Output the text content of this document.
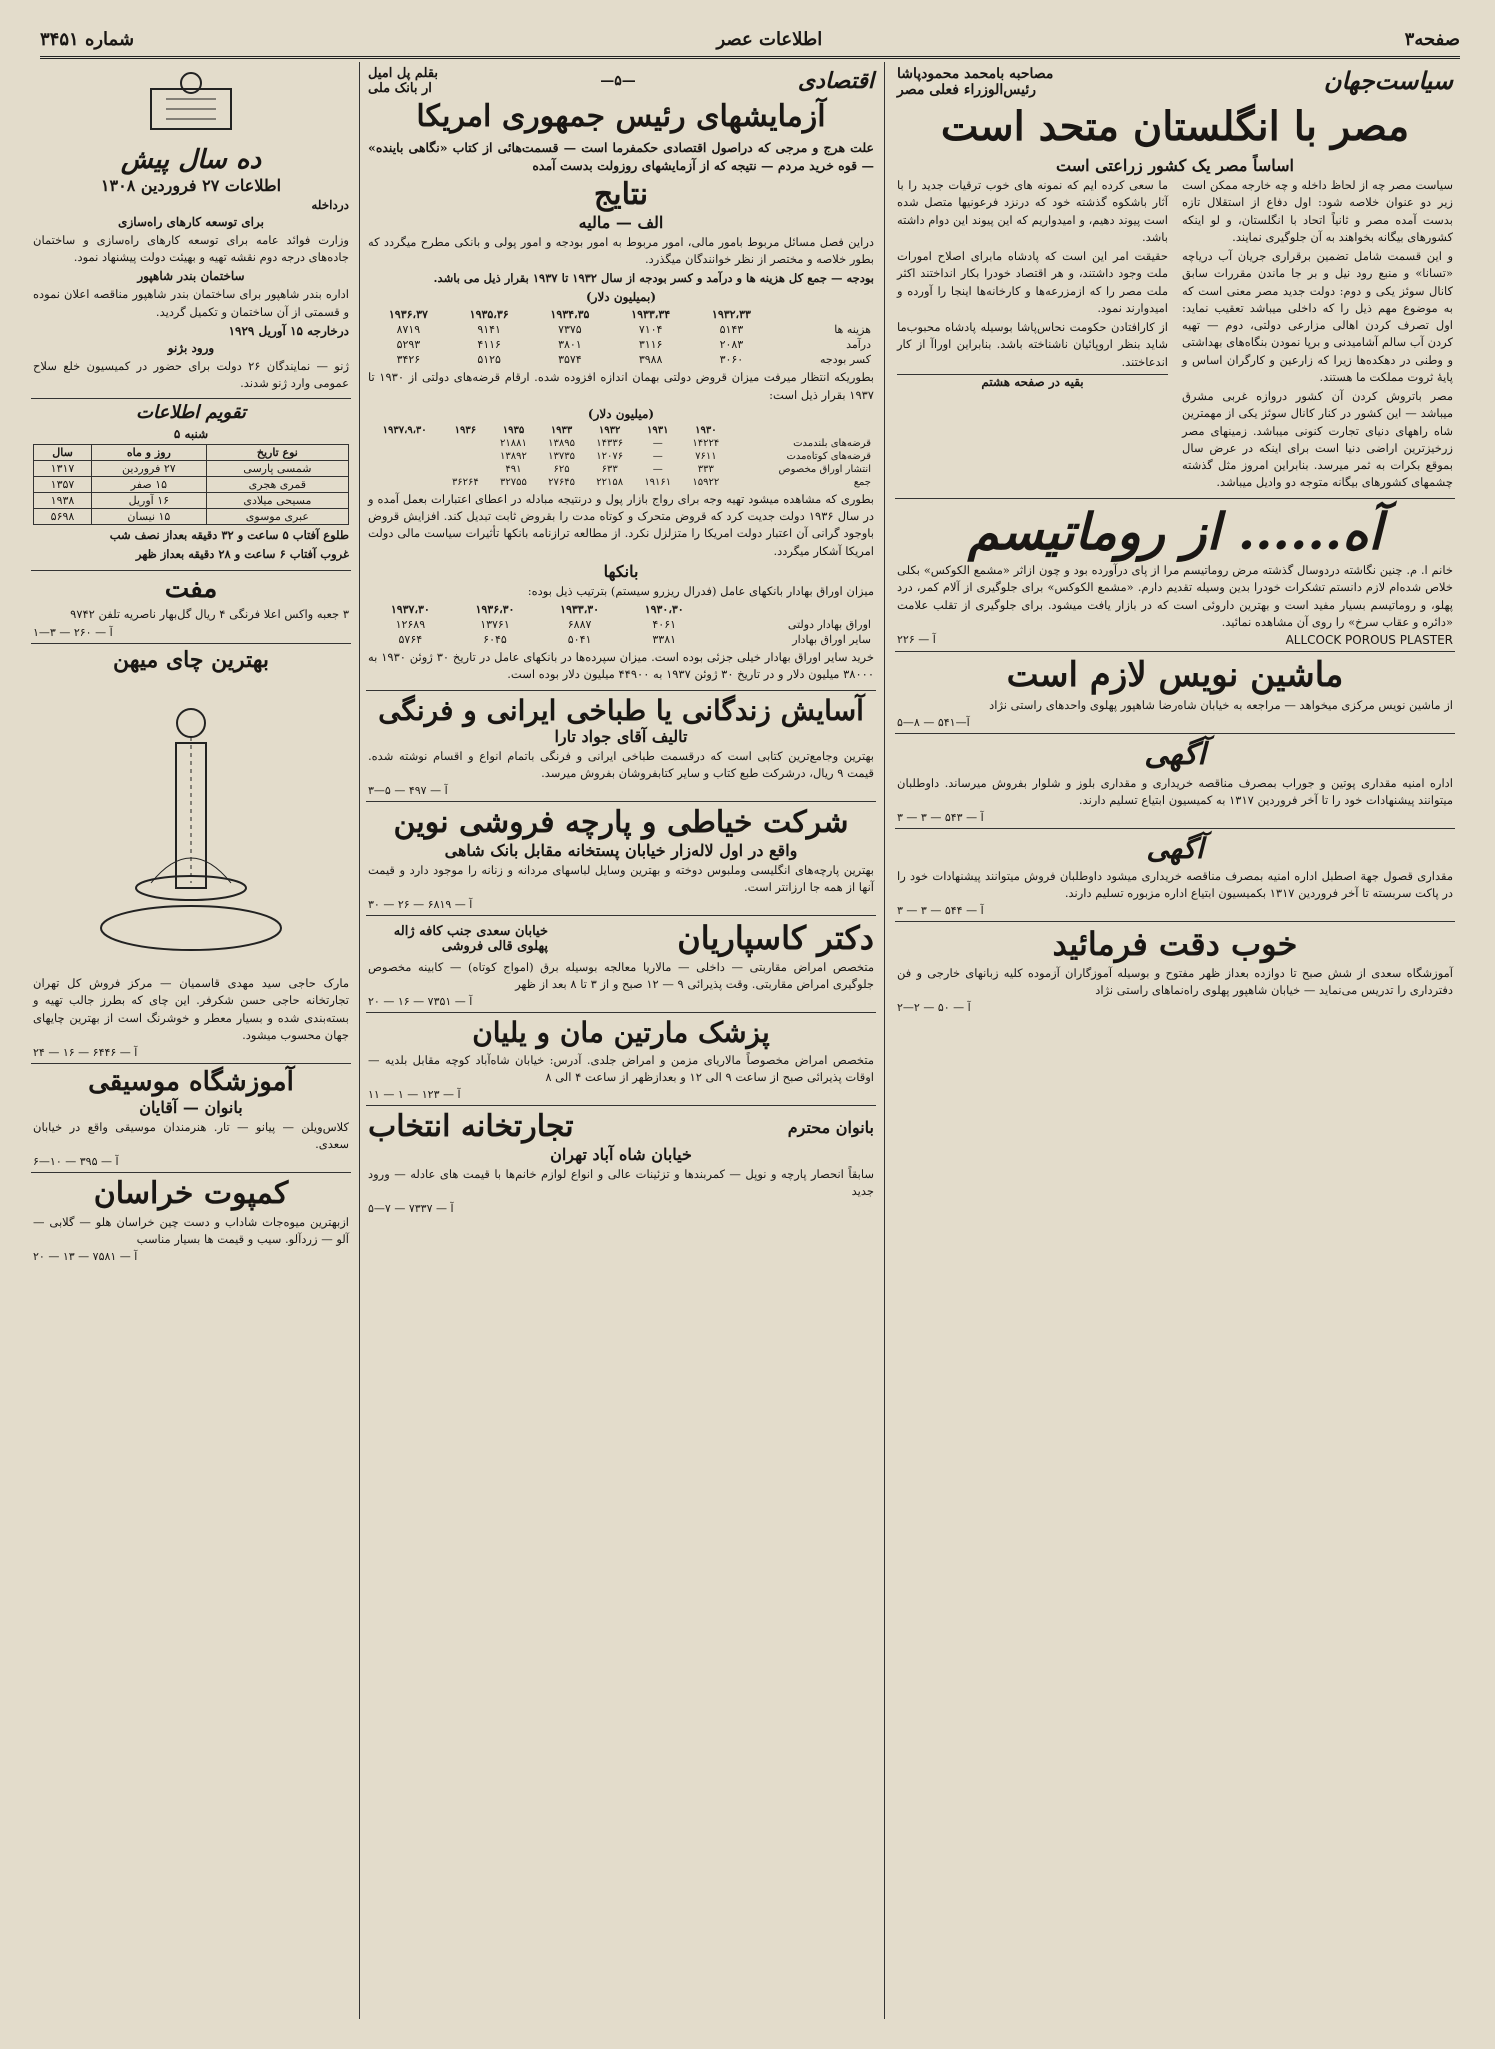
صفحه۳
اطلاعات عصر
شماره ۳۴۵۱
سیاست‌جهان
مصاحبه بامحمد محمودپاشا
رئیس‌الوزراء فعلی مصر
مصر با انگلستان متحد است
اساساً مصر یک کشور زراعتی است

سیاست مصر چه از لحاظ داخله و چه خارجه ممکن است زیر دو عنوان خلاصه شود: اول دفاع از استقلال تازه بدست آمده مصر و ثانیاً اتحاد با انگلستان، و لو اینکه کشورهای بیگانه بخواهند به آن جلوگیری نمایند.

و این قسمت شامل تضمین برقراری جریان آب دریاچه «تسانا» و منبع رود نیل و بر جا ماندن مقررات سابق کانال سوئز یکی و دوم: دولت جدید مصر معنی است که به موضوع مهم ذیل را که داخلی میباشد تعقیب نماید: اول تصرف کردن اهالی مزارعی دولتی، دوم — تهیه کردن آب سالم آشامیدنی و برپا نمودن بنگاه‌های بهداشتی و وطنی در دهکده‌ها زیرا که زارعین و کارگران اساس و پایهٔ ثروت مملکت ما هستند.

مصر باتروش کردن آن کشور دروازه غربی مشرق میباشد — این کشور در کنار کانال سوئز یکی از مهمترین شاه راههای دنیای تجارت کنونی میباشد. زمینهای مصر زرخیزترین اراضی دنیا است برای اینکه در عرض سال بموقع بکرات به ثمر میرسد. بنابراین امروز مثل گذشته چشمهای کشورهای بیگانه متوجه دو وادیل میباشد.

ما سعی کرده ایم که نمونه های خوب ترقیات جدید را با آثار باشکوه گذشته خود که درنزد فرعونیها متصل شده است پیوند دهیم، و امیدواریم که این پیوند این دوام داشته باشد.

حقیقت امر این است که پادشاه مابرای اصلاح امورات ملت وجود داشتند، و هر اقتصاد خودرا بکار انداختند اکثر ملت مصر را که ازمزرعه‌ها و کارخانه‌ها اینجا را آورده و امیدوارند نمود.

از کارافتادن حکومت نحاس‌پاشا بوسیله پادشاه محبوب‌ما شاید بنظر اروپائیان ناشناخته باشد. بنابراین اوراآ از کار اندعاختند.

بقیه در صفحه هشتم
آه...... از روماتیسم

خانم ا. م. چنین نگاشته دردوسال گذشته مرض روماتیسم مرا از پای درآورده بود و چون ازاثر «مشمع الکوکس» بکلی خلاص شده‌ام لازم دانستم تشکرات خودرا بدین وسیله تقدیم دارم. «مشمع الکوکس» برای جلوگیری از آلام کمر، درد پهلو، و روماتیسم بسیار مفید است و بهترین داروئی است که در بازار یافت میشود. برای جلوگیری از تقلب علامت «دائره و عقاب سرخ» را روی آن مشاهده نمائید.

ALLCOCK POROUS PLASTER
آ — ۲۲۶
ماشین نویس لازم است

از ماشین نویس مرکزی میخواهد — مراجعه به خیابان شاه‌رضا شاهپور پهلوی واحدهای راستی نژاد

آ—۵۴۱ — ۸—۵
آگهی

اداره امنیه مقداری پوتین و جوراب بمصرف مناقصه خریداری و مقداری بلوز و شلوار بفروش میرساند. داوطلبان میتوانند پیشنهادات خود را تا آخر فروردین ۱۳۱۷ به کمیسیون ابتیاع تسلیم دارند.

آ — ۵۴۳ — ۳ — ۳
آگهی

مقداری قصول جهة اصطبل اداره امنیه بمصرف مناقصه خریداری میشود داوطلبان فروش میتوانند پیشنهادات خود را در پاکت سربسته تا آخر فروردین ۱۳۱۷ بکمیسیون ابتیاع اداره مزبوره تسلیم دارند.

آ — ۵۴۴ — ۳ — ۳
خوب دقت فرمائید

آموزشگاه سعدی از شش صبح تا دوازده بعداز ظهر مفتوح و بوسیله آموزگاران آزموده کلیه زبانهای خارجی و فن دفترداری را تدریس می‌نماید — خیابان شاهپور پهلوی راه‌نماهای راستی نژاد

آ — ۵۰ — ۲—۲
اقتصادی
—۵—
بقلم پل امیل
ار بانک ملی
آزمایشهای رئیس جمهوری امریکا

علت هرج و مرجی که دراصول اقتصادی حکمفرما است — قسمت‌هائی از کتاب «نگاهی باینده» — قوه خرید مردم — نتیجه که از آزمایشهای روزولت بدست آمده

نتایج
الف — مالیه

دراین فصل مسائل مربوط بامور مالی، امور مربوط به امور بودجه و امور پولی و بانکی مطرح میگردد که بطور خلاصه و مختصر از نظر خوانندگان میگذرد.

بودجه — جمع کل هزینه ها و درآمد و کسر بودجه از سال ۱۹۳۲ تا ۱۹۳۷ بقرار ذیل می باشد.

(بمیلیون دلار)
	۱۹۳۲،۳۳	۱۹۳۳،۳۴	۱۹۳۴،۳۵	۱۹۳۵،۳۶	۱۹۳۶،۳۷
هزینه ها	۵۱۴۳	۷۱۰۴	۷۳۷۵	۹۱۴۱	۸۷۱۹
درآمد	۲۰۸۳	۳۱۱۶	۳۸۰۱	۴۱۱۶	۵۲۹۳
کسر بودجه	۳۰۶۰	۳۹۸۸	۳۵۷۴	۵۱۲۵	۳۴۲۶

بطوریکه انتظار میرفت میزان قروض دولتی بهمان اندازه افزوده شده. ارقام قرضه‌های دولتی از ۱۹۳۰ تا ۱۹۳۷ بقرار ذیل است:

(میلیون دلار)
	۱۹۳۰	۱۹۳۱	۱۹۳۲	۱۹۳۳	۱۹۳۵	۱۹۳۶	۱۹۳۷،۹،۳۰
قرضه‌های بلندمدت	۱۴۲۲۴	—	۱۴۳۳۶	۱۳۸۹۵	۲۱۸۸۱		
قرضه‌های کوتاه‌مدت	۷۶۱۱	—	۱۲۰۷۶	۱۳۷۳۵	۱۳۸۹۲		
انتشار اوراق مخصوص	۳۳۳	—	۶۳۳	۶۲۵	۴۹۱		
جمع	۱۵۹۲۲	۱۹۱۶۱	۲۲۱۵۸	۲۷۶۴۵	۳۲۷۵۵	۳۶۲۶۴	

بطوری که مشاهده میشود تهیه وجه برای رواج بازار پول و درنتیجه مبادله در اعطای اعتبارات بعمل آمده و در سال ۱۹۳۶ دولت جدیت کرد که قروض متحرک و کوتاه مدت را بقروض ثابت تبدیل کند. افزایش قروض باوجود گرانی آن اعتبار دولت امریکا را متزلزل نکرد. از مطالعه ترازنامه بانکها تأثیرات سیاست مالی دولت امریکا آشکار میگردد.

بانکها

میزان اوراق بهادار بانکهای عامل (فدرال ریزرو سیستم) بترتیب ذیل بوده:

	۱۹۳۰،۳۰	۱۹۳۳،۳۰	۱۹۳۶،۳۰	۱۹۳۷،۳۰
اوراق بهادار دولتی	۴۰۶۱	۶۸۸۷	۱۳۷۶۱	۱۲۶۸۹
سایر اوراق بهادار	۳۳۸۱	۵۰۴۱	۶۰۴۵	۵۷۶۴

خرید سایر اوراق بهادار خیلی جزئی بوده است. میزان سپرده‌ها در بانکهای عامل در تاریخ ۳۰ ژوئن ۱۹۳۰ به ۳۸۰۰۰ میلیون دلار و در تاریخ ۳۰ ژوئن ۱۹۳۷ به ۴۴۹۰۰ میلیون دلار بوده است.

آسایش زندگانی یا طباخی ایرانی و فرنگی
تالیف آقای جواد تارا

بهترین وجامع‌ترین کتابی است که درقسمت طباخی ایرانی و فرنگی باتمام انواع و اقسام نوشته شده. قیمت ۹ ریال، درشرکت طبع کتاب و سایر کتابفروشان بفروش میرسد.

آ — ۴۹۷ — ۵—۳
شرکت خیاطی و پارچه فروشی نوین
واقع در اول لاله‌زار خیابان پستخانه مقابل بانک شاهی

بهترین پارچه‌های انگلیسی وملبوس دوخته و بهترین وسایل لباسهای مردانه و زنانه را موجود دارد و قیمت آنها از همه جا ارزانتر است.

آ — ۶۸۱۹ — ۲۶ — ۳۰
دکتر کاسپاریان
خیابان سعدی جنب کافه ژاله پهلوی قالی فروشی

متخصص امراض مقاربتی — داخلی — مالاریا معالجه بوسیله برق (امواج کوتاه) — کابینه مخصوص جلوگیری امراض مقاربتی. وقت پذیرائی ۹ — ۱۲ صبح و از ۳ تا ۸ بعد از ظهر

آ — ۷۳۵۱ — ۱۶ — ۲۰
پزشک مارتین مان و یلیان

متخصص امراض مخصوصاً مالاریای مزمن و امراض جلدی. آدرس: خیابان شاه‌آباد کوچه مقابل بلدیه — اوقات پذیرائی صبح از ساعت ۹ الی ۱۲ و بعدازظهر از ساعت ۴ الی ۸

آ — ۱۲۳ — ۱ — ۱۱
بانوان محترم
تجارتخانه انتخاب
خیابان شاه آباد تهران

سابقاً انحصار پارچه و نوپل — کمربندها و تزئینات عالی و انواع لوازم خانم‌ها با قیمت های عادله — ورود جدید

آ — ۷۳۳۷ — ۷—۵
ده سال پیش
اطلاعات ۲۷ فروردین ۱۳۰۸
درداخله
برای توسعه کارهای راه‌سازی

وزارت فوائد عامه برای توسعه کارهای راه‌سازی و ساختمان جاده‌های درجه دوم نقشه تهیه و بهیئت دولت پیشنهاد نمود.

ساختمان بندر شاهپور

اداره بندر شاهپور برای ساختمان بندر شاهپور مناقصه اعلان نموده و قسمتی از آن ساختمان و تکمیل گردید.

درخارجه ۱۵ آوریل ۱۹۲۹
ورود بژنو

ژنو — نمایندگان ۲۶ دولت برای حضور در کمیسیون خلع سلاح عمومی وارد ژنو شدند.

تقویم اطلاعات
شنبه ۵
نوع تاریخ	روز و ماه	سال
شمسی پارسی	۲۷ فروردین	۱۳۱۷
قمری هجری	۱۵ صفر	۱۳۵۷
مسیحی میلادی	۱۶ آوریل	۱۹۳۸
عبری موسوی	۱۵ نیسان	۵۶۹۸

طلوع آفتاب ۵ ساعت و ۳۲ دقیقه بعداز نصف شب

غروب آفتاب ۶ ساعت و ۲۸ دقیقه بعداز ظهر

مفت

۳ جعبه واکس اعلا فرنگی ۴ ریال گل‌بهار ناصریه تلفن ۹۷۴۲

آ — ۲۶۰ — ۳—۱
بهترین چای میهن

مارک حاجی سید مهدی قاسمیان — مرکز فروش کل تهران تجارتخانه حاجی حسن شکرفر. این چای که بطرز جالب تهیه و بسته‌بندی شده و بسیار معطر و خوشرنگ است از بهترین چایهای جهان محسوب میشود.

آ — ۶۴۴۶ — ۱۶ — ۲۴
آموزشگاه موسیقی
بانوان — آقایان

کلاس‌ویلن — پیانو — تار. هنرمندان موسیقی واقع در خیابان سعدی.

آ — ۳۹۵ — ۱۰—۶
کمپوت خراسان

ازبهترین میوه‌جات شاداب و دست چین خراسان هلو — گلابی — آلو — زردآلو. سیب و قیمت ها بسیار مناسب

آ — ۷۵۸۱ — ۱۳ — ۲۰
